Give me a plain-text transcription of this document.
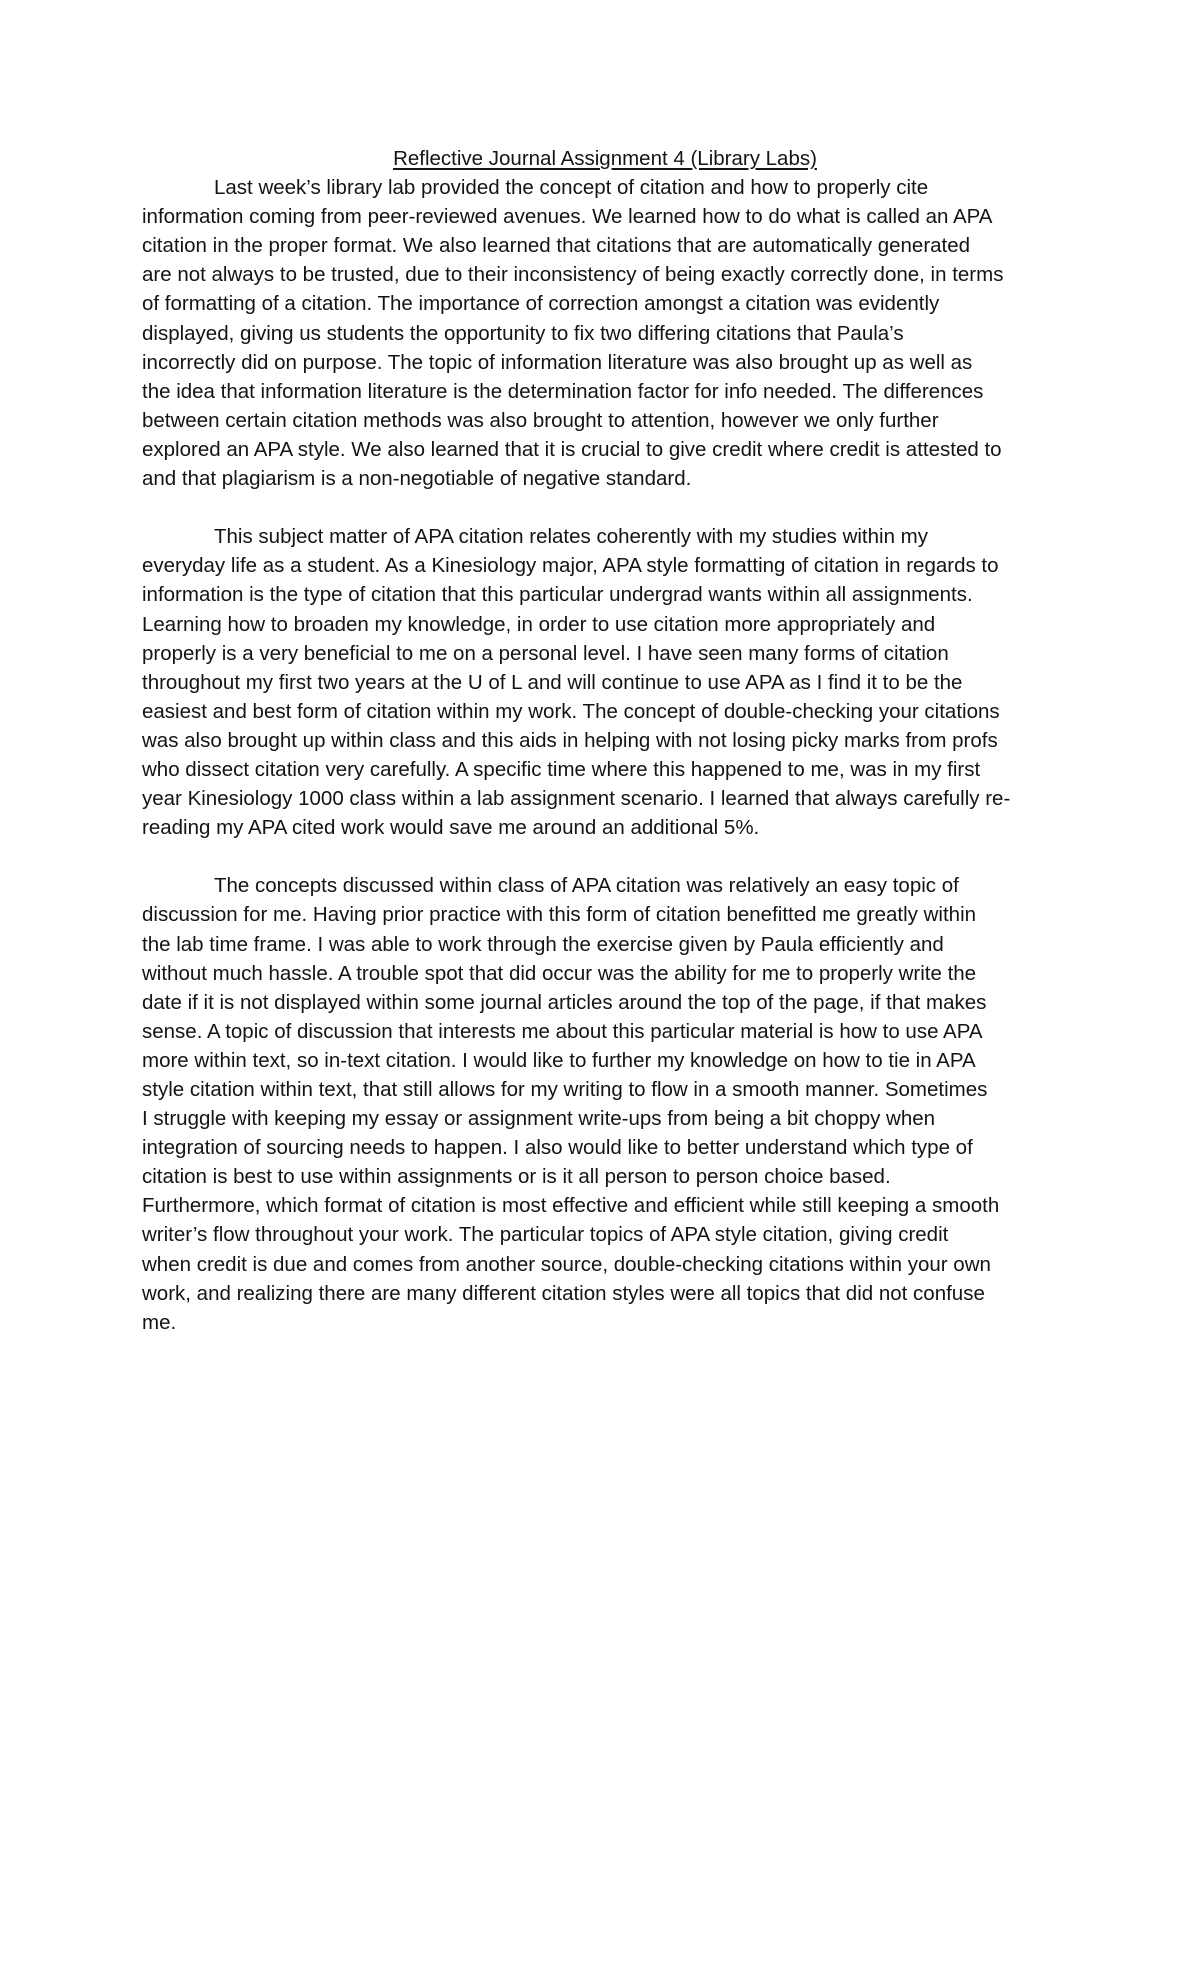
Reflective Journal Assignment 4 (Library Labs)
Last week’s library lab provided the concept of citation and how to properly cite
information coming from peer-reviewed avenues. We learned how to do what is called an APA
citation in the proper format. We also learned that citations that are automatically generated
are not always to be trusted, due to their inconsistency of being exactly correctly done, in terms
of formatting of a citation. The importance of correction amongst a citation was evidently
displayed, giving us students the opportunity to fix two differing citations that Paula’s
incorrectly did on purpose. The topic of information literature was also brought up as well as
the idea that information literature is the determination factor for info needed. The differences
between certain citation methods was also brought to attention, however we only further
explored an APA style. We also learned that it is crucial to give credit where credit is attested to
and that plagiarism is a non-negotiable of negative standard.
This subject matter of APA citation relates coherently with my studies within my
everyday life as a student. As a Kinesiology major, APA style formatting of citation in regards to
information is the type of citation that this particular undergrad wants within all assignments.
Learning how to broaden my knowledge, in order to use citation more appropriately and
properly is a very beneficial to me on a personal level. I have seen many forms of citation
throughout my first two years at the U of L and will continue to use APA as I find it to be the
easiest and best form of citation within my work. The concept of double-checking your citations
was also brought up within class and this aids in helping with not losing picky marks from profs
who dissect citation very carefully. A specific time where this happened to me, was in my first
year Kinesiology 1000 class within a lab assignment scenario. I learned that always carefully re-
reading my APA cited work would save me around an additional 5%.
The concepts discussed within class of APA citation was relatively an easy topic of
discussion for me. Having prior practice with this form of citation benefitted me greatly within
the lab time frame. I was able to work through the exercise given by Paula efficiently and
without much hassle. A trouble spot that did occur was the ability for me to properly write the
date if it is not displayed within some journal articles around the top of the page, if that makes
sense. A topic of discussion that interests me about this particular material is how to use APA
more within text, so in-text citation. I would like to further my knowledge on how to tie in APA
style citation within text, that still allows for my writing to flow in a smooth manner. Sometimes
I struggle with keeping my essay or assignment write-ups from being a bit choppy when
integration of sourcing needs to happen. I also would like to better understand which type of
citation is best to use within assignments or is it all person to person choice based.
Furthermore, which format of citation is most effective and efficient while still keeping a smooth
writer’s flow throughout your work. The particular topics of APA style citation, giving credit
when credit is due and comes from another source, double-checking citations within your own
work, and realizing there are many different citation styles were all topics that did not confuse
me.
